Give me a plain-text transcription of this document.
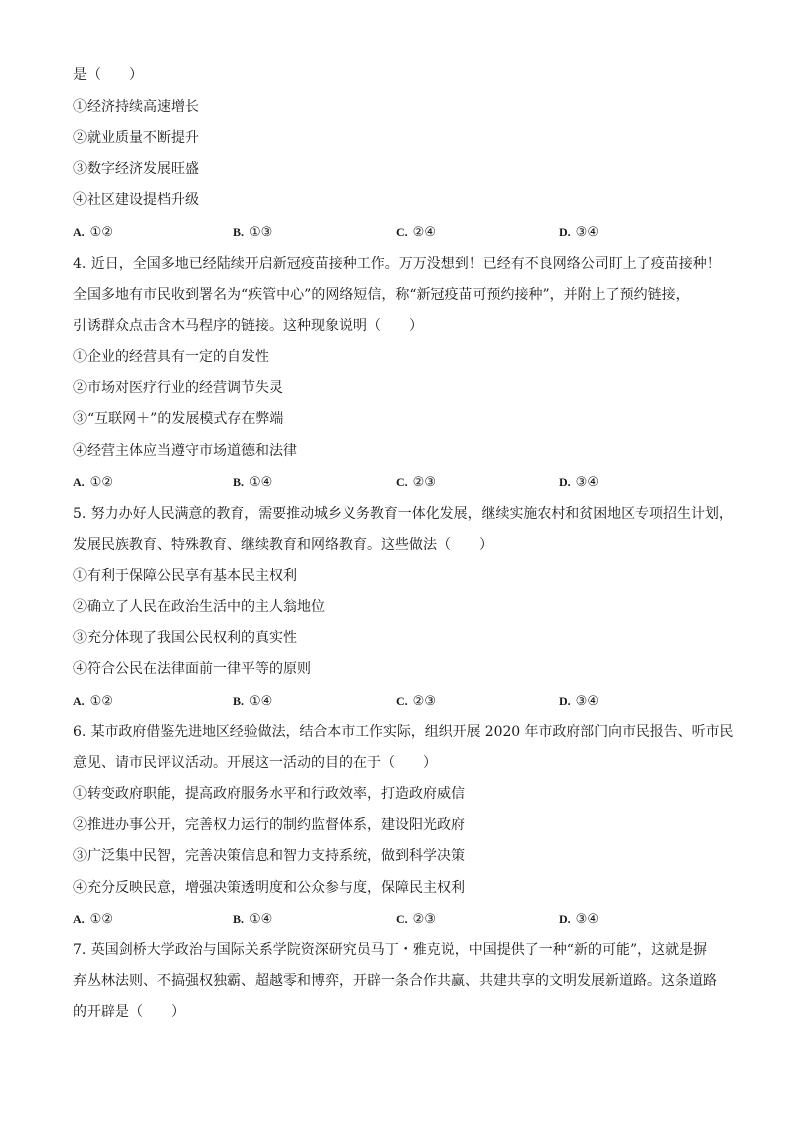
是（　　）
①经济持续高速增长
②就业质量不断提升
③数字经济发展旺盛
④社区建设提档升级
A. ①②	B. ①③	C. ②④	D. ③④
4. 近日，全国多地已经陆续开启新冠疫苗接种工作。万万没想到！已经有不良网络公司盯上了疫苗接种！
全国多地有市民收到署名为“疾管中心”的网络短信，称“新冠疫苗可预约接种”，并附上了预约链接，
引诱群众点击含木马程序的链接。这种现象说明（　　）
①企业的经营具有一定的自发性
②市场对医疗行业的经营调节失灵
③“互联网＋”的发展模式存在弊端
④经营主体应当遵守市场道德和法律
A. ①②	B. ①④	C. ②③	D. ③④
5. 努力办好人民满意的教育，需要推动城乡义务教育一体化发展，继续实施农村和贫困地区专项招生计划，
发展民族教育、特殊教育、继续教育和网络教育。这些做法（　　）
①有利于保障公民享有基本民主权利
②确立了人民在政治生活中的主人翁地位
③充分体现了我国公民权利的真实性
④符合公民在法律面前一律平等的原则
A. ①②	B. ①④	C. ②③	D. ③④
6. 某市政府借鉴先进地区经验做法，结合本市工作实际，组织开展 2020 年市政府部门向市民报告、听市民
意见、请市民评议活动。开展这一活动的目的在于（　　）
①转变政府职能，提高政府服务水平和行政效率，打造政府威信
②推进办事公开，完善权力运行的制约监督体系，建设阳光政府
③广泛集中民智，完善决策信息和智力支持系统，做到科学决策
④充分反映民意，增强决策透明度和公众参与度，保障民主权利
A. ①②	B. ①④	C. ②③	D. ③④
7. 英国剑桥大学政治与国际关系学院资深研究员马丁・雅克说，中国提供了一种“新的可能”，这就是摒
弃丛林法则、不搞强权独霸、超越零和博弈，开辟一条合作共赢、共建共享的文明发展新道路。这条道路
的开辟是（　　）
